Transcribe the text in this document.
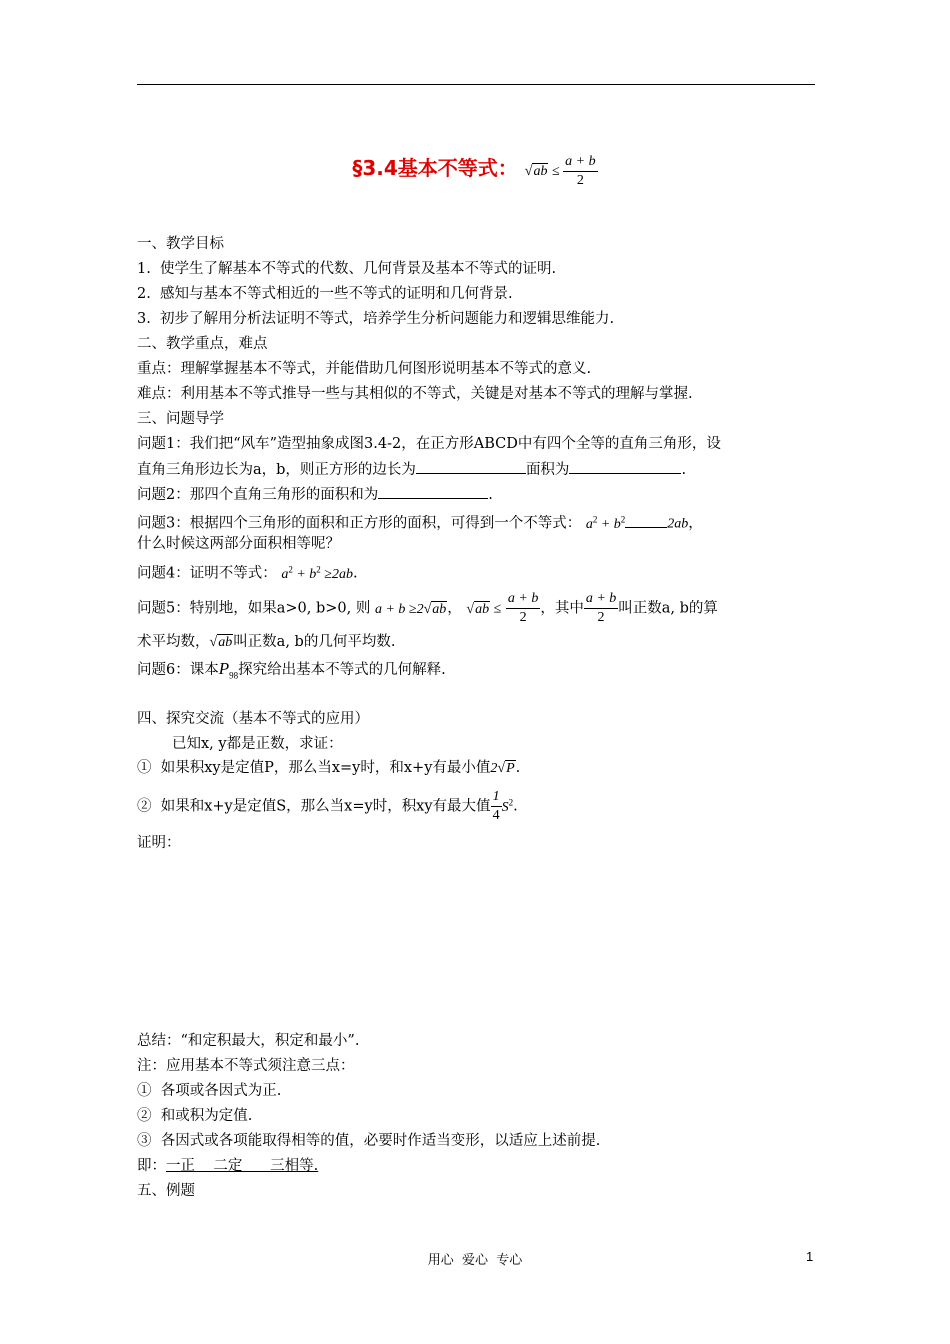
§3.4基本不等式： $√ab \le \frac{a + b}{2}$
一、教学目标
1.  使学生了解基本不等式的代数、几何背景及基本不等式的证明.
2.  感知与基本不等式相近的一些不等式的证明和几何背景.
3.  初步了解用分析法证明不等式，培养学生分析问题能力和逻辑思维能力.
二、教学重点，难点
重点：理解掌握基本不等式，并能借助几何图形说明基本不等式的意义.
难点：利用基本不等式推导一些与其相似的不等式，关键是对基本不等式的理解与掌握.
三、问题导学
问题1：我们把“风车”造型抽象成图3.4-2，在正方形ABCD中有四个全等的直角三角形，设
直角三角形边长为a，b，则正方形的边长为	面积为	.
问题2：那四个直角三角形的面积和为	.
问题3：根据四个三角形的面积和正方形的面积，可得到一个不等式： $a^2 + b^2$	2ab，
什么时候这两部分面积相等呢？
问题4：证明不等式： $a^2 + b^2 \ge 2ab$.
问题5：特别地，如果a>0, b>0, 则 a + b ≥2√ab， $√ab \le \frac{a + b}{2}$ ，其中 $\frac{a + b}{2}$ 叫正数a, b的算
术平均数，√ab叫正数a, b的几何平均数.
问题6：课本$P_{98}$探究给出基本不等式的几何解释.
四、探究交流（基本不等式的应用）
已知x, y都是正数，求证：
①  如果积xy是定值P，那么当x=y时，和x+y有最小值2√P.
②  如果和x+y是定值S，那么当x=y时，积xy有最大值 $\frac{1}{4} S^2$.
证明：
总结：“和定积最大，积定和最小”.
注：应用基本不等式须注意三点：
①  各项或各因式为正.
②  和或积为定值.
③  各因式或各项能取得相等的值，必要时作适当变形，以适应上述前提.
即：一正    二定      三相等.
五、例题
用心  爱心  专心	1
